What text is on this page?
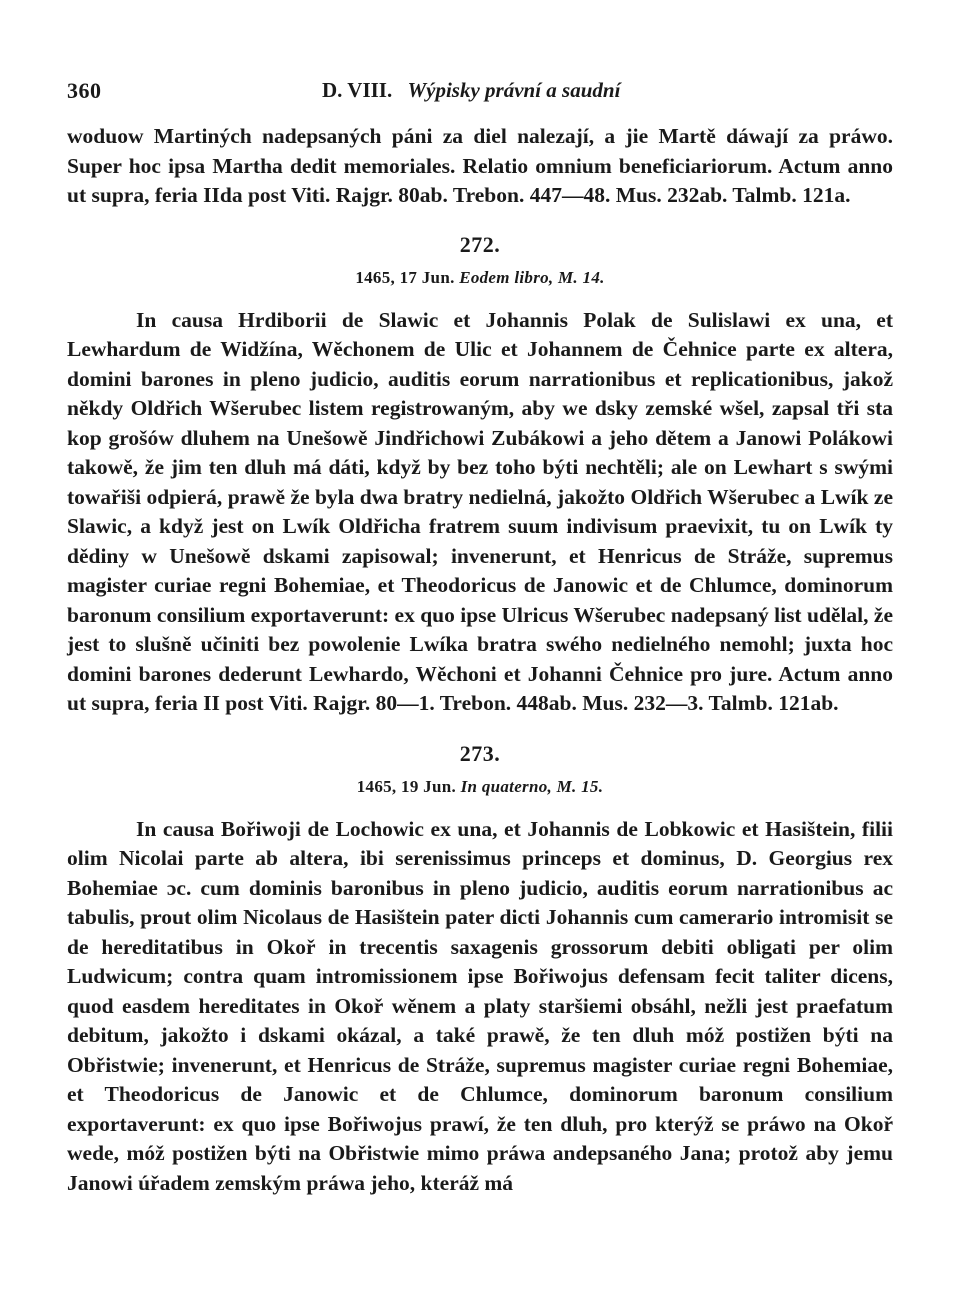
360	D. VIII. Wýpisky právní a saudní

woduow Martiných nadepsaných páni za diel nalezají, a jie Martě dáwají za práwo. Super hoc ipsa Martha dedit memoriales. Relatio omnium beneficiariorum. Actum anno ut supra, feria IIda post Viti. Rajgr. 80ab. Trebon. 447—48. Mus. 232ab. Talmb. 121a.

272.

1465, 17 Jun. Eodem libro, M. 14.

In causa Hrdiborii de Slawic et Johannis Polak de Sulislawi ex una, et Lewhardum de Widžína, Wěchonem de Ulic et Johannem de Čehnice parte ex altera, domini barones in pleno judicio, auditis eorum narrationibus et replicationibus, jakož někdy Oldřich Wšerubec listem registrowaným, aby we dsky zemské wšel, zapsal tři sta kop grošów dluhem na Unešowě Jindřichowi Zubákowi a jeho dětem a Janowi Polákowi takowě, že jim ten dluh má dáti, když by bez toho býti nechtěli; ale on Lewhart s swými towařiši odpierá, prawě že byla dwa bratry nedielná, jakožto Oldřich Wšerubec a Lwík ze Slawic, a když jest on Lwík Oldřicha fratrem suum indivisum praevixit, tu on Lwík ty dědiny w Unešowě dskami zapisowal; invenerunt, et Henricus de Stráže, supremus magister curiae regni Bohemiae, et Theodoricus de Janowic et de Chlumce, dominorum baronum consilium exportaverunt: ex quo ipse Ulricus Wšerubec nadepsaný list udělal, že jest to slušně učiniti bez powolenie Lwíka bratra swého nedielného nemohl; juxta hoc domini barones dederunt Lewhardo, Wěchoni et Johanni Čehnice pro jure. Actum anno ut supra, feria II post Viti. Rajgr. 80—1. Trebon. 448ab. Mus. 232—3. Talmb. 121ab.

273.

1465, 19 Jun. In quaterno, M. 15.

In causa Bořiwoji de Lochowic ex una, et Johannis de Lobkowic et Hasištein, filii olim Nicolai parte ab altera, ibi serenissimus princeps et dominus, D. Georgius rex Bohemiae ɔc. cum dominis baronibus in pleno judicio, auditis eorum narrationibus ac tabulis, prout olim Nicolaus de Hasištein pater dicti Johannis cum camerario intromisit se de hereditatibus in Okoř in trecentis saxagenis grossorum debiti obligati per olim Ludwicum; contra quam intromissionem ipse Bořiwojus defensam fecit taliter dicens, quod easdem hereditates in Okoř wěnem a platy staršiemi obsáhl, nežli jest praefatum debitum, jakožto i dskami okázal, a také prawě, že ten dluh móž postižen býti na Obřistwie; invenerunt, et Henricus de Stráže, supremus magister curiae regni Bohemiae, et Theodoricus de Janowic et de Chlumce, dominorum baronum consilium exportaverunt: ex quo ipse Bořiwojus prawí, že ten dluh, pro kterýž se práwo na Okoř wede, móž postižen býti na Obřistwie mimo práwa andepsaného Jana; protož aby jemu Janowi úřadem zemským práwa jeho, kteráž má
